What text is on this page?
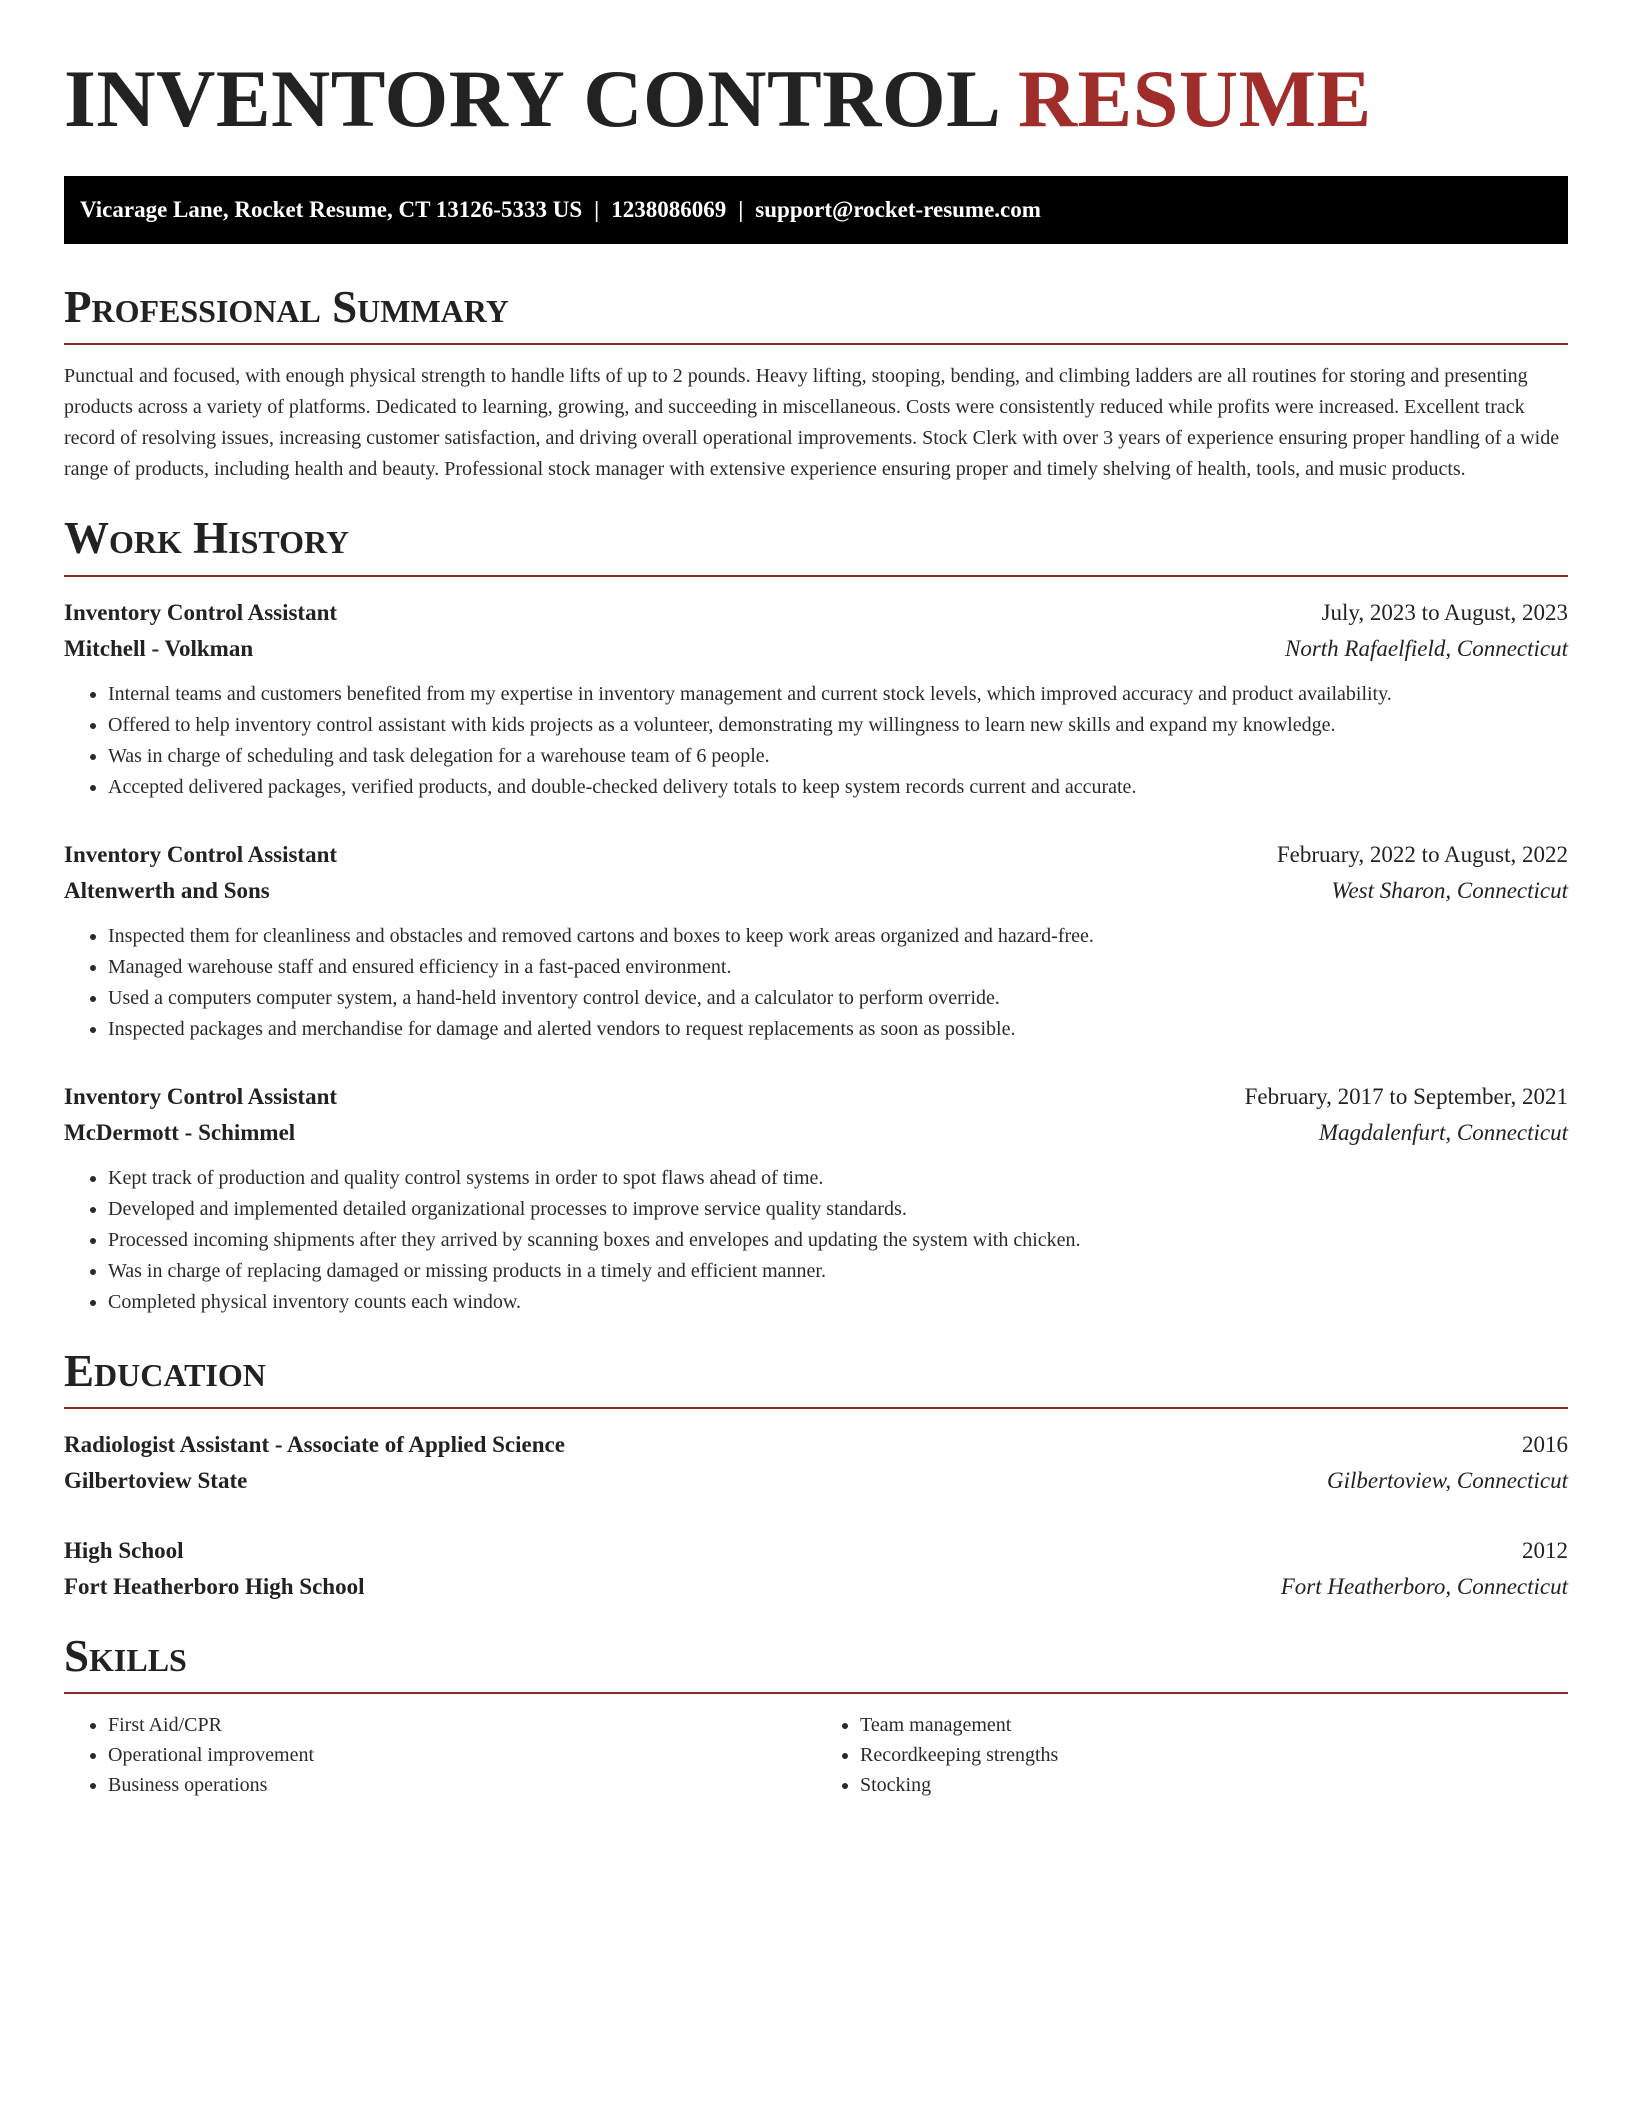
INVENTORY CONTROL RESUME
Vicarage Lane, Rocket Resume, CT 13126-5333 US | 1238086069 | support@rocket-resume.com
Professional Summary
Punctual and focused, with enough physical strength to handle lifts of up to 2 pounds. Heavy lifting, stooping, bending, and climbing ladders are all routines for storing and presenting products across a variety of platforms. Dedicated to learning, growing, and succeeding in miscellaneous. Costs were consistently reduced while profits were increased. Excellent track record of resolving issues, increasing customer satisfaction, and driving overall operational improvements. Stock Clerk with over 3 years of experience ensuring proper handling of a wide range of products, including health and beauty. Professional stock manager with extensive experience ensuring proper and timely shelving of health, tools, and music products.
Work History
Inventory Control Assistant	July, 2023 to August, 2023
Mitchell - Volkman	North Rafaelfield, Connecticut
• Internal teams and customers benefited from my expertise in inventory management and current stock levels, which improved accuracy and product availability.
• Offered to help inventory control assistant with kids projects as a volunteer, demonstrating my willingness to learn new skills and expand my knowledge.
• Was in charge of scheduling and task delegation for a warehouse team of 6 people.
• Accepted delivered packages, verified products, and double-checked delivery totals to keep system records current and accurate.
Inventory Control Assistant	February, 2022 to August, 2022
Altenwerth and Sons	West Sharon, Connecticut
• Inspected them for cleanliness and obstacles and removed cartons and boxes to keep work areas organized and hazard-free.
• Managed warehouse staff and ensured efficiency in a fast-paced environment.
• Used a computers computer system, a hand-held inventory control device, and a calculator to perform override.
• Inspected packages and merchandise for damage and alerted vendors to request replacements as soon as possible.
Inventory Control Assistant	February, 2017 to September, 2021
McDermott - Schimmel	Magdalenfurt, Connecticut
• Kept track of production and quality control systems in order to spot flaws ahead of time.
• Developed and implemented detailed organizational processes to improve service quality standards.
• Processed incoming shipments after they arrived by scanning boxes and envelopes and updating the system with chicken.
• Was in charge of replacing damaged or missing products in a timely and efficient manner.
• Completed physical inventory counts each window.
Education
Radiologist Assistant - Associate of Applied Science	2016
Gilbertoview State	Gilbertoview, Connecticut
High School	2012
Fort Heatherboro High School	Fort Heatherboro, Connecticut
Skills
• First Aid/CPR
• Operational improvement
• Business operations
• Team management
• Recordkeeping strengths
• Stocking
